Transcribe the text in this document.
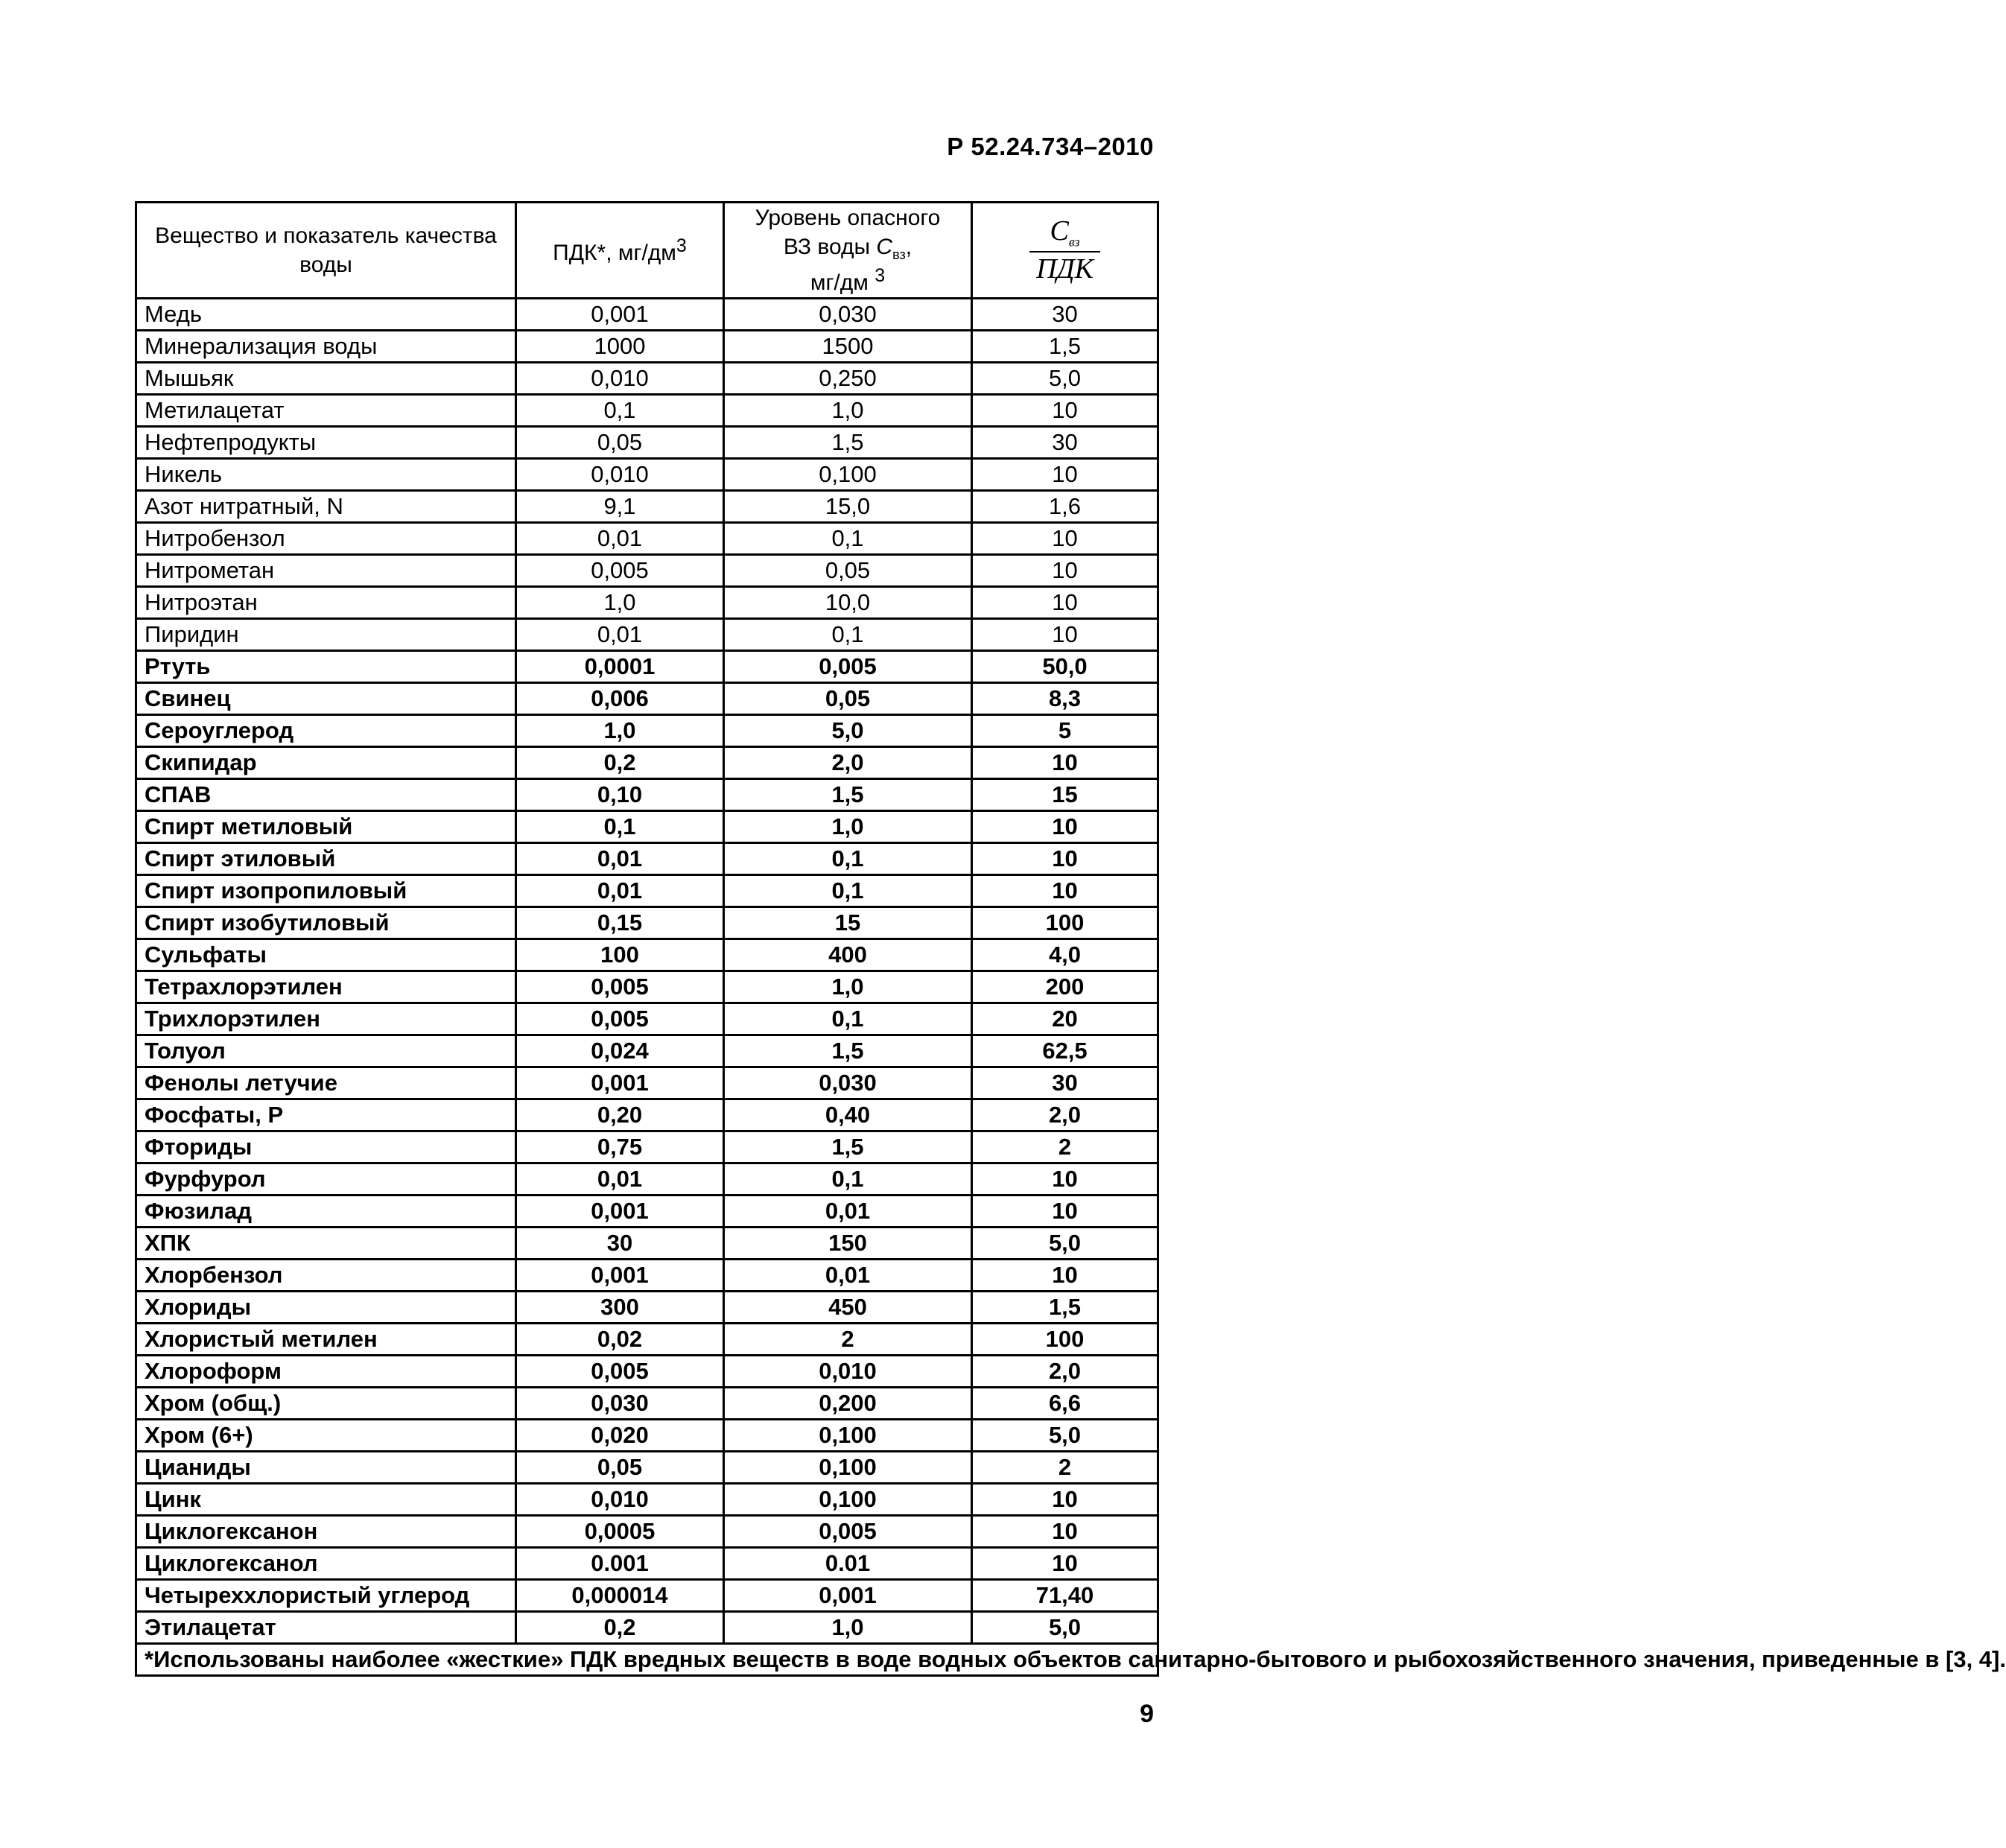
Р 52.24.734–2010
Вещество и показатель качества воды	ПДК*, $мг/дм^3$	Уровень опасного
ВЗ воды $С_{вз}$,
мг/дм $^3$	$\frac{С_{вз}}{\text{ПДК}}$

Медь	0,001	0,030	30
Минерализация воды	1000	1500	1,5
Мышьяк	0,010	0,250	5,0
Метилацетат	0,1	1,0	10
Нефтепродукты	0,05	1,5	30
Никель	0,010	0,100	10
Азот нитратный, N	9,1	15,0	1,6
Нитробензол	0,01	0,1	10
Нитрометан	0,005	0,05	10
Нитроэтан	1,0	10,0	10
Пиридин	0,01	0,1	10
Ртуть	0,0001	0,005	50,0
Свинец	0,006	0,05	8,3
Сероуглерод	1,0	5,0	5
Скипидар	0,2	2,0	10
СПАВ	0,10	1,5	15
Спирт метиловый	0,1	1,0	10
Спирт этиловый	0,01	0,1	10
Спирт изопропиловый	0,01	0,1	10
Спирт изобутиловый	0,15	15	100
Сульфаты	100	400	4,0
Тетрахлорэтилен	0,005	1,0	200
Трихлорэтилен	0,005	0,1	20
Толуол	0,024	1,5	62,5
Фенолы летучие	0,001	0,030	30
Фосфаты, Р	0,20	0,40	2,0
Фториды	0,75	1,5	2
Фурфурол	0,01	0,1	10
Фюзилад	0,001	0,01	10
ХПК	30	150	5,0
Хлорбензол	0,001	0,01	10
Хлориды	300	450	1,5
Хлористый метилен	0,02	2	100
Хлороформ	0,005	0,010	2,0
Хром (общ.)	0,030	0,200	6,6
Хром (6+)	0,020	0,100	5,0
Цианиды	0,05	0,100	2
Цинк	0,010	0,100	10
Циклогексанон	0,0005	0,005	10
Циклогексанол	0.001	0.01	10
Четыреххлористый углерод	0,000014	0,001	71,40
Этилацетат	0,2	1,0	5,0
*Использованы наиболее «жесткие» ПДК вредных веществ в воде водных объектов санитарно-бытового и рыбохозяйственного значения, приведенные в [3, 4].			
9
